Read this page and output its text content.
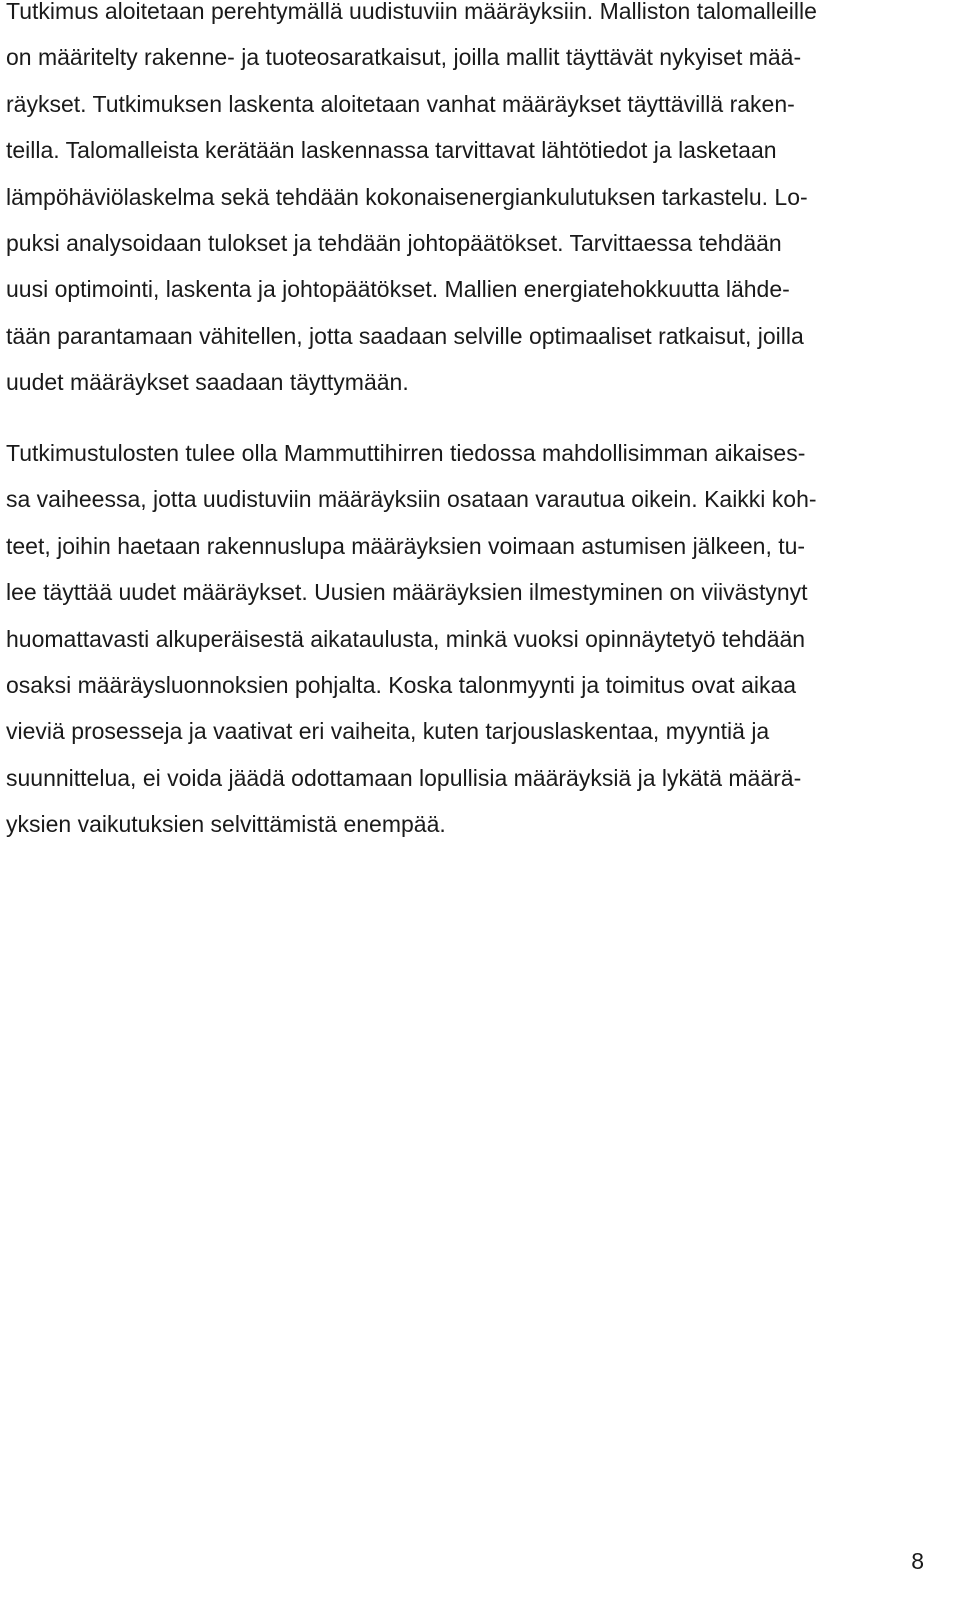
Tutkimus aloitetaan perehtymällä uudistuviin määräyksiin. Malliston talomalleille
on määritelty rakenne- ja tuoteosaratkaisut, joilla mallit täyttävät nykyiset mää-
räykset. Tutkimuksen laskenta aloitetaan vanhat määräykset täyttävillä raken-
teilla. Talomalleista kerätään laskennassa tarvittavat lähtötiedot ja lasketaan
lämpöhäviölaskelma sekä tehdään kokonaisenergiankulutuksen tarkastelu. Lo-
puksi analysoidaan tulokset ja tehdään johtopäätökset. Tarvittaessa tehdään
uusi optimointi, laskenta ja johtopäätökset. Mallien energiatehokkuutta lähde-
tään parantamaan vähitellen, jotta saadaan selville optimaaliset ratkaisut, joilla
uudet määräykset saadaan täyttymään.
Tutkimustulosten tulee olla Mammuttihirren tiedossa mahdollisimman aikaises-
sa vaiheessa, jotta uudistuviin määräyksiin osataan varautua oikein. Kaikki koh-
teet, joihin haetaan rakennuslupa määräyksien voimaan astumisen jälkeen, tu-
lee täyttää uudet määräykset. Uusien määräyksien ilmestyminen on viivästynyt
huomattavasti alkuperäisestä aikataulusta, minkä vuoksi opinnäytetyö tehdään
osaksi määräysluonnoksien pohjalta. Koska talonmyynti ja toimitus ovat aikaa
vieviä prosesseja ja vaativat eri vaiheita, kuten tarjouslaskentaa, myyntiä ja
suunnittelua, ei voida jäädä odottamaan lopullisia määräyksiä ja lykätä määrä-
yksien vaikutuksien selvittämistä enempää.
8
